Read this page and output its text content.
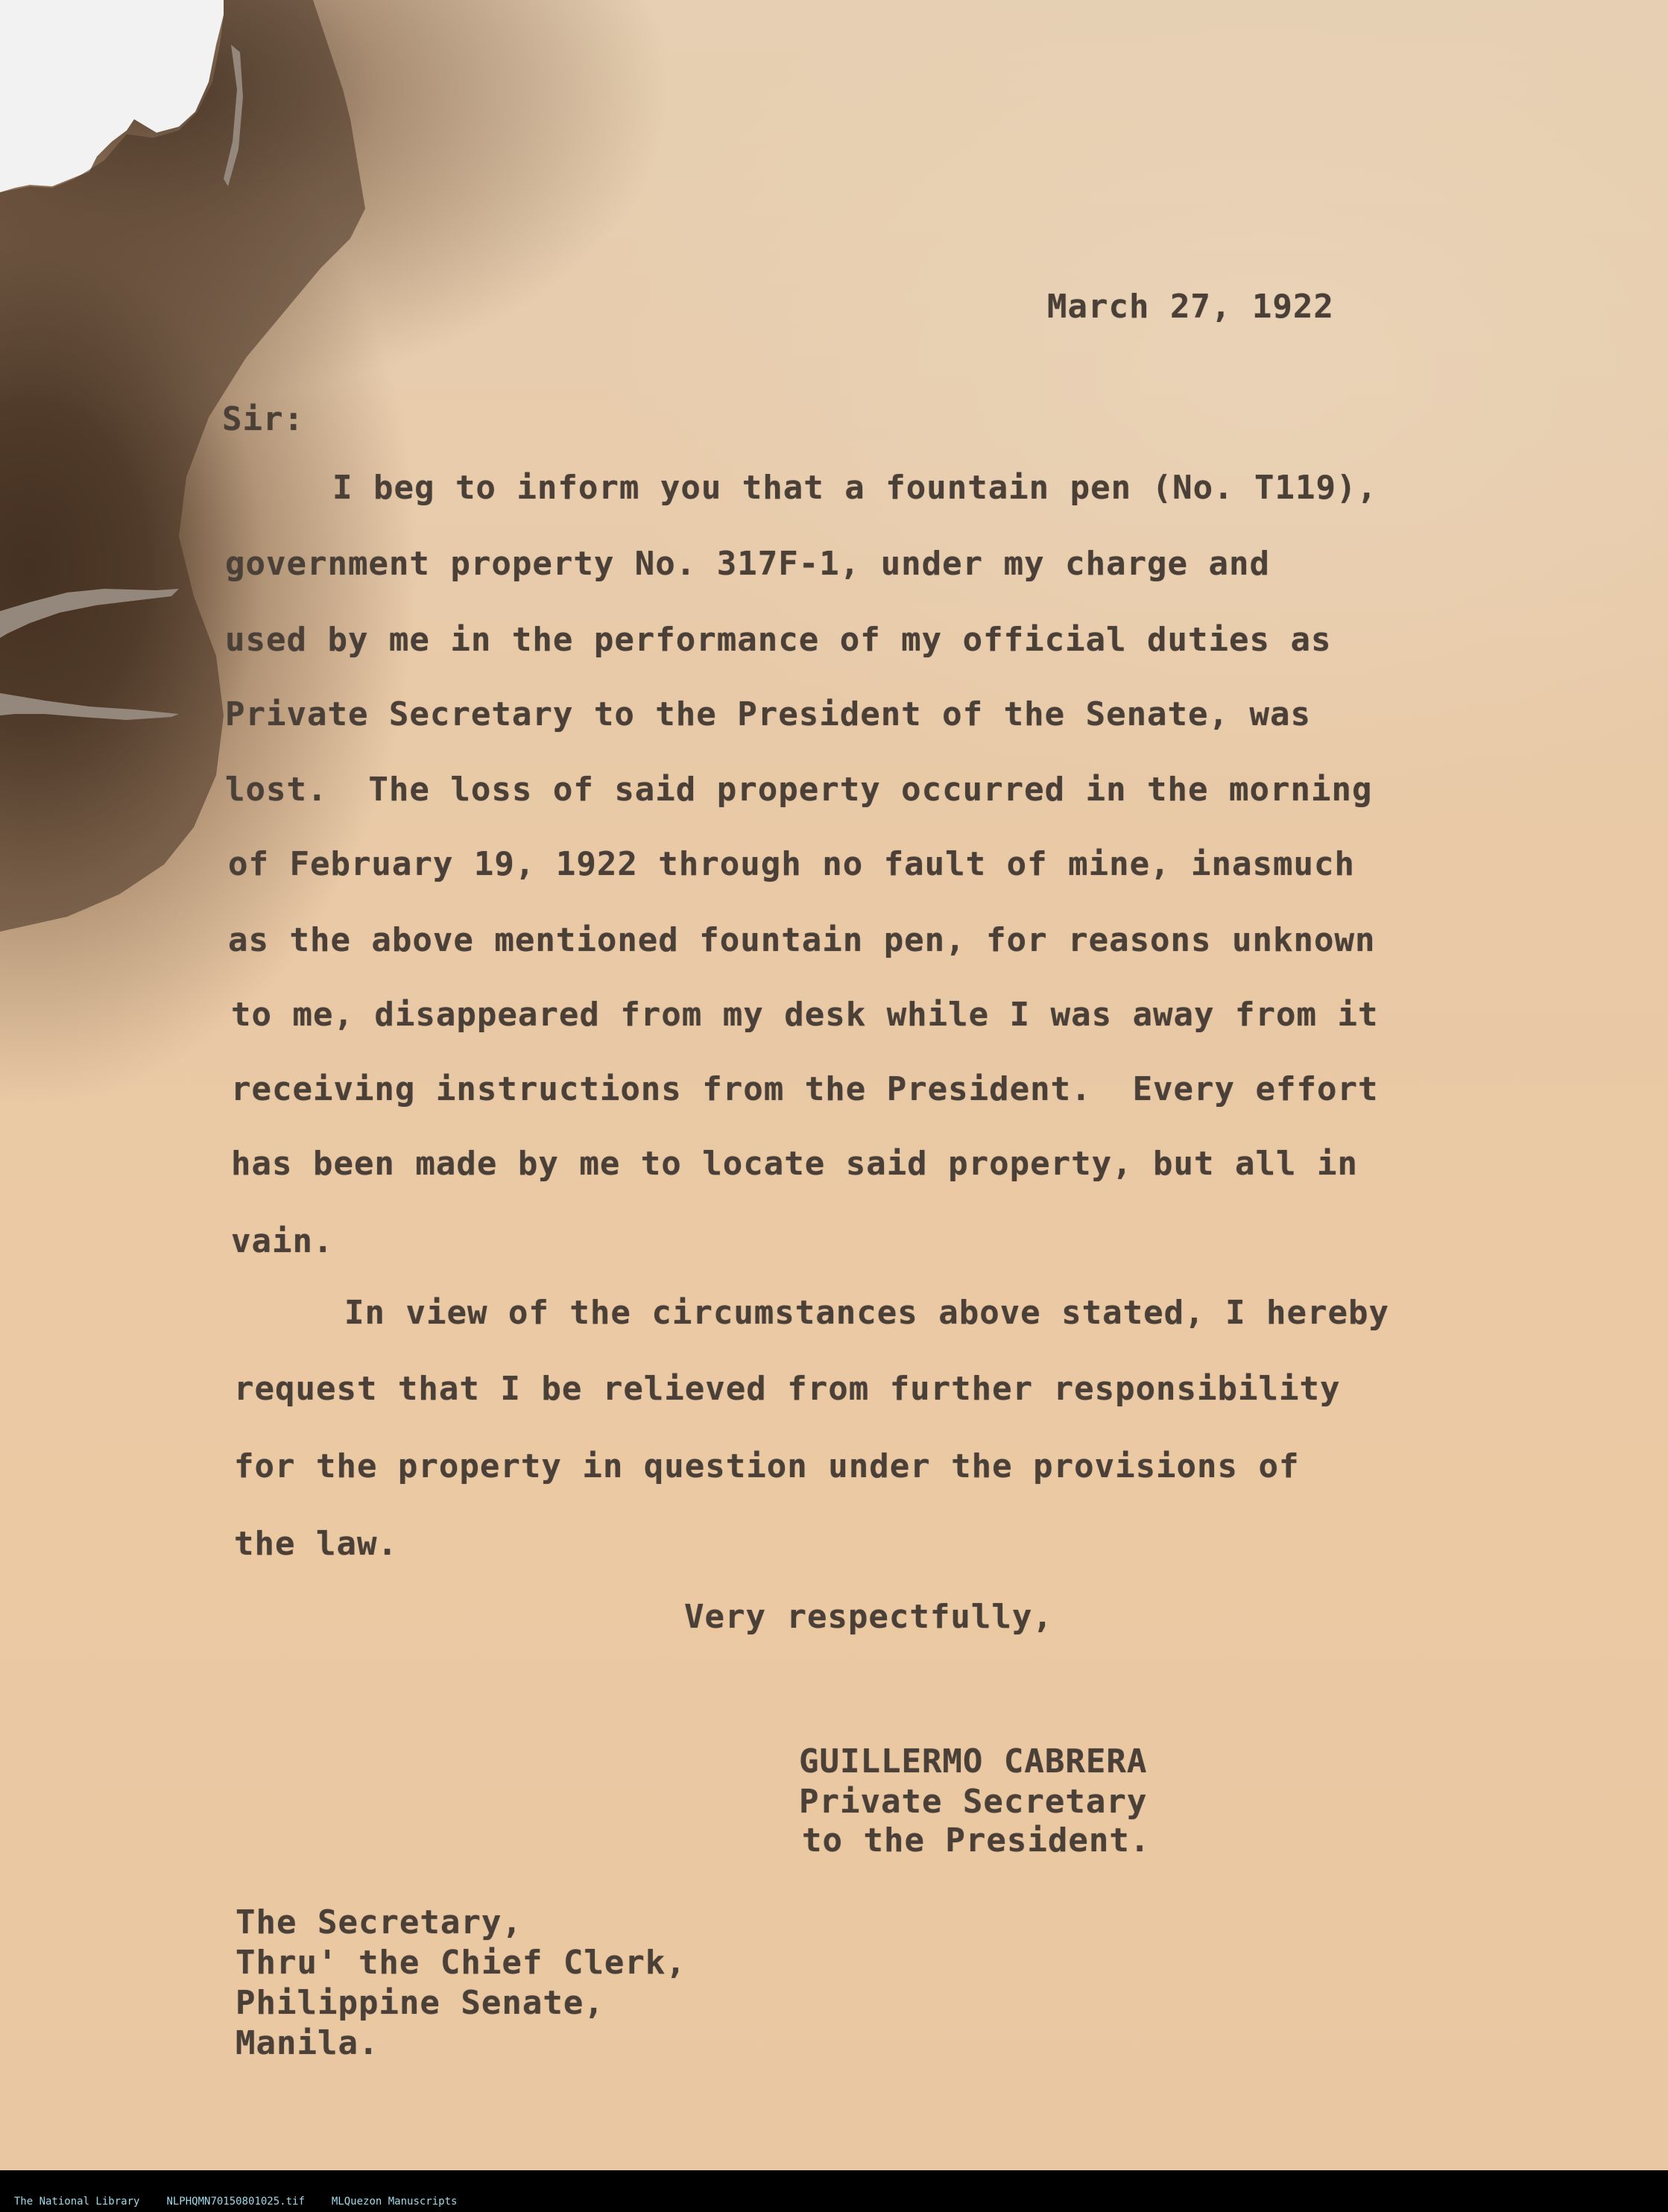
March 27, 1922
Sir:
I beg to inform you that a fountain pen (No. T119),
government property No. 317F-1, under my charge and
used by me in the performance of my official duties as
Private Secretary to the President of the Senate, was
lost.  The loss of said property occurred in the morning
of February 19, 1922 through no fault of mine, inasmuch
as the above mentioned fountain pen, for reasons unknown
to me, disappeared from my desk while I was away from it
receiving instructions from the President.  Every effort
has been made by me to locate said property, but all in
vain.
In view of the circumstances above stated, I hereby
request that I be relieved from further responsibility
for the property in question under the provisions of
the law.
Very respectfully,
GUILLERMO CABRERA
Private Secretary
to the President.
The Secretary,
Thru' the Chief Clerk,
Philippine Senate,
Manila.

The National Library	NLPHQMN70150801025.tif	MLQuezon Manuscripts
